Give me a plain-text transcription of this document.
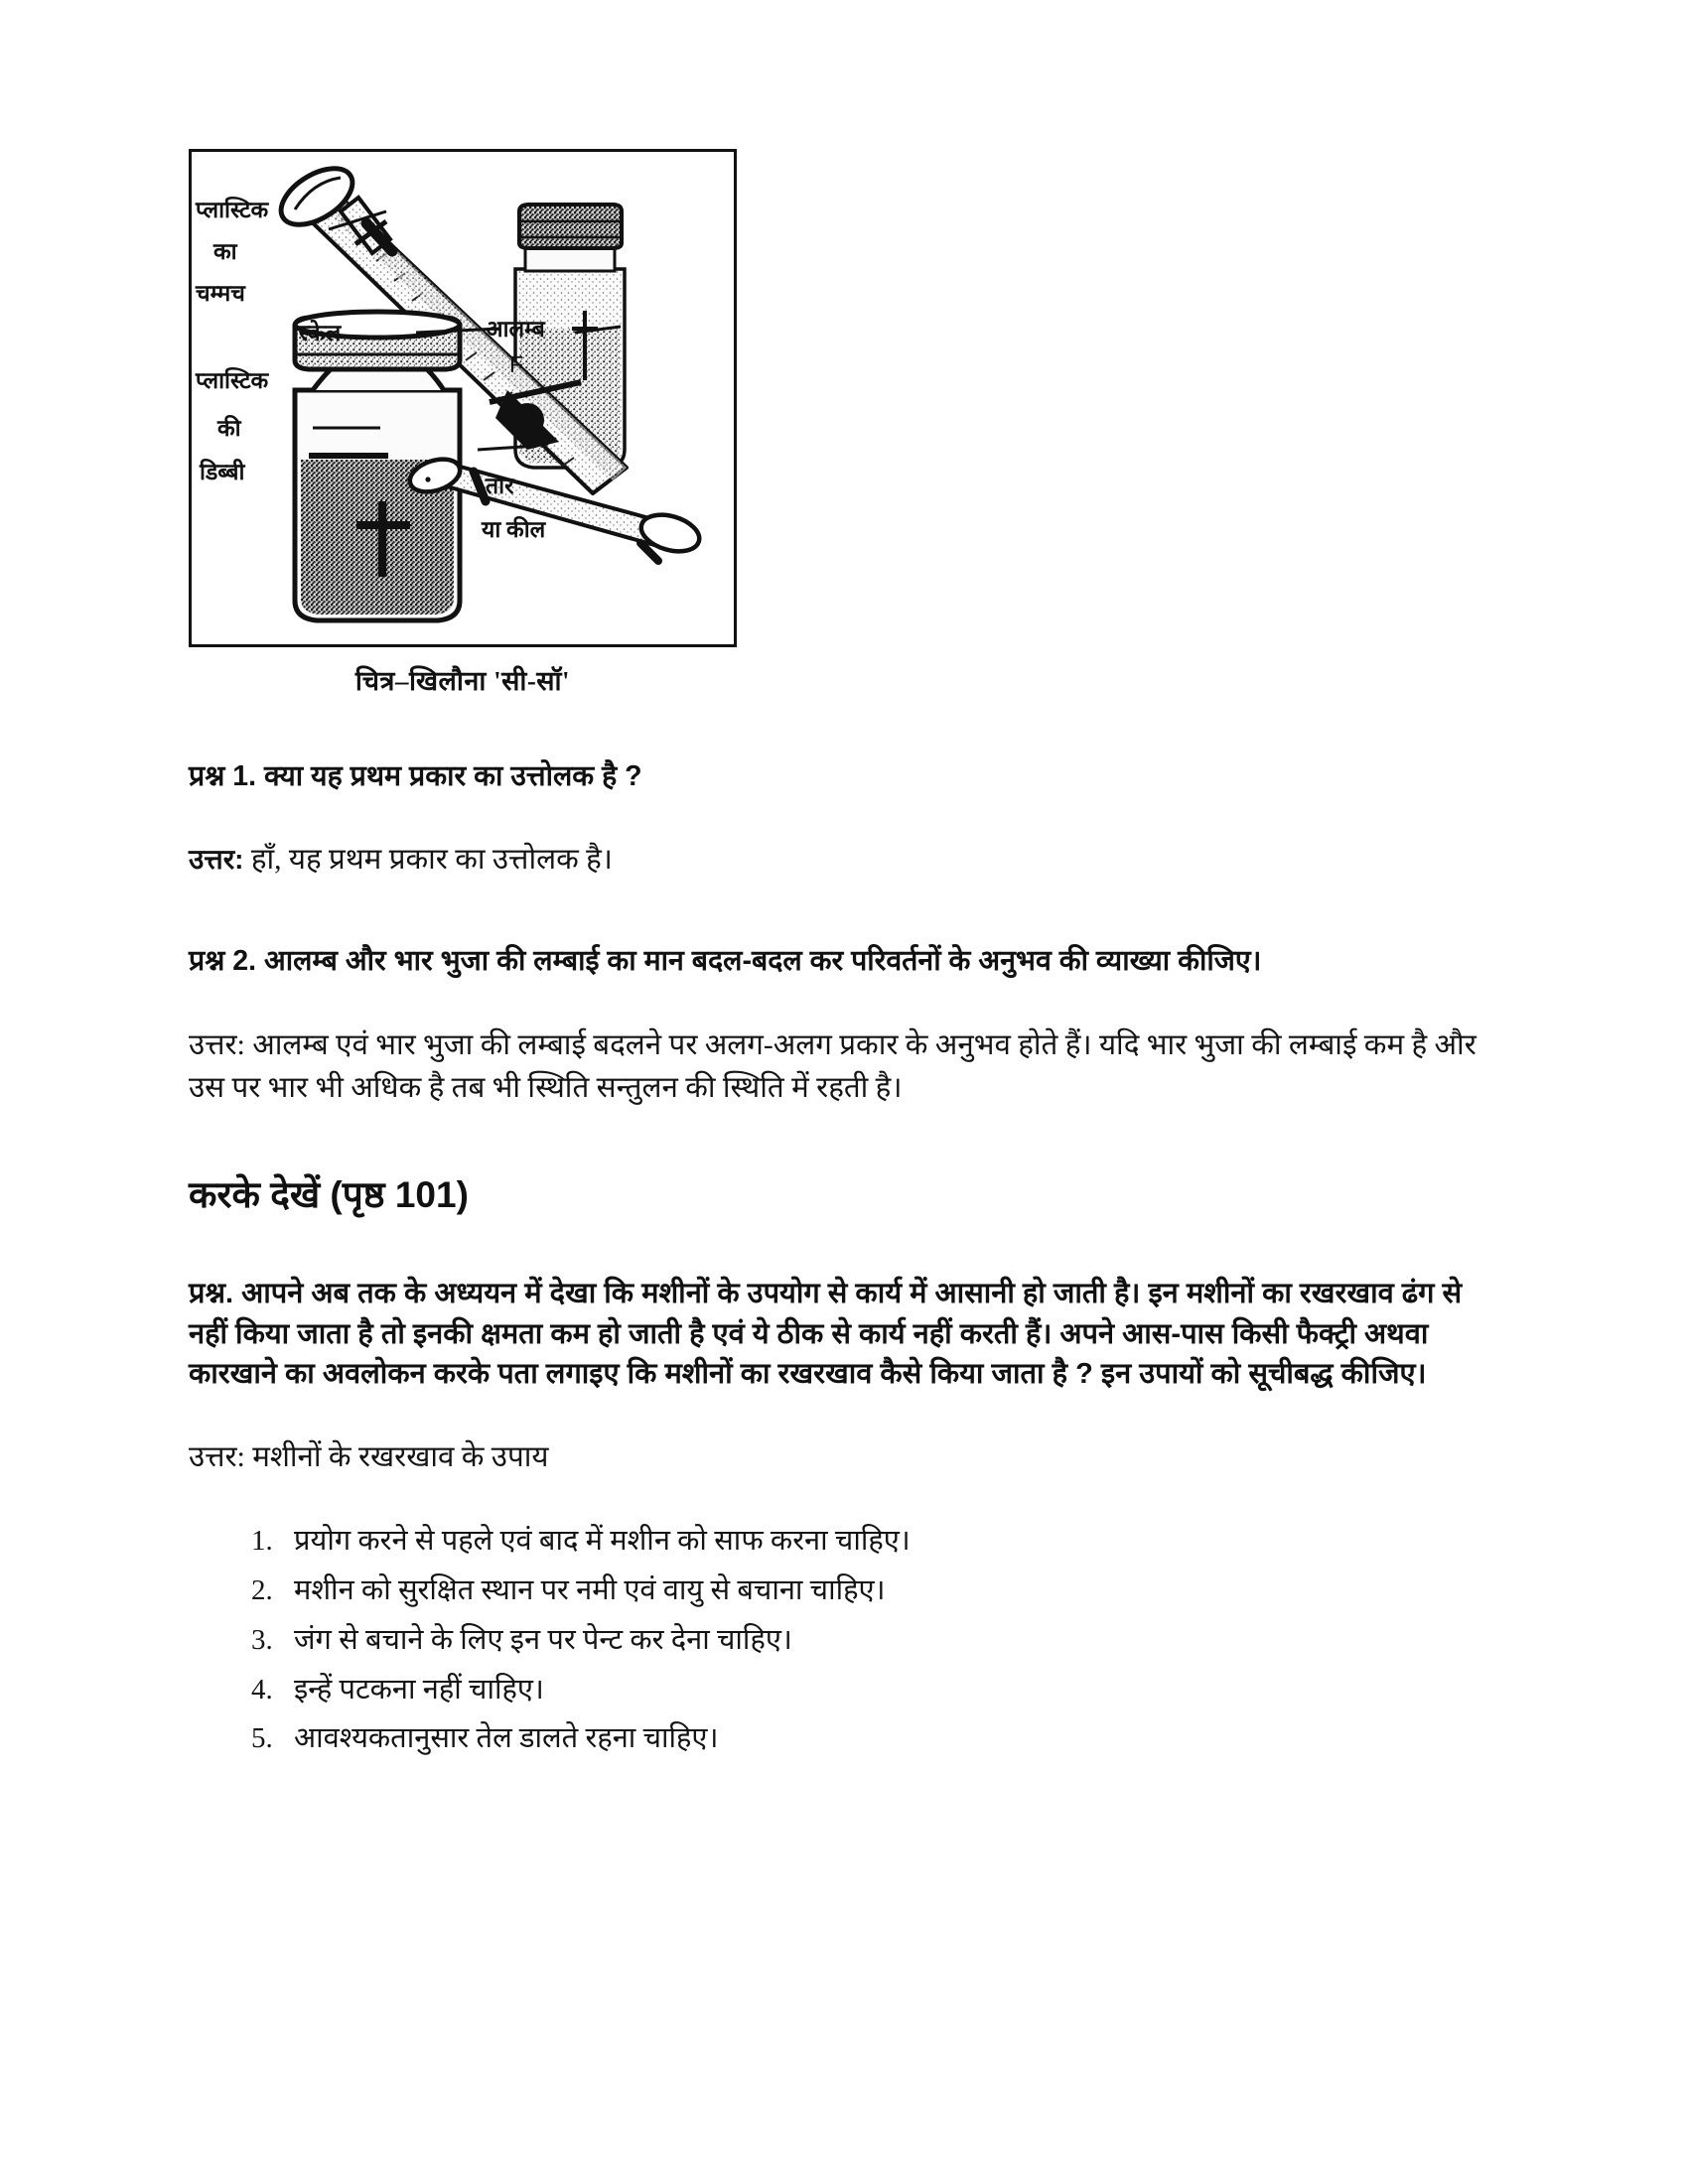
प्लास्टिक
का
चम्मच
स्केल
प्लास्टिक
की
डिब्बी
आलम्ब
F
तार
या कील
चित्र–खिलौना 'सी-सॉ'
प्रश्न 1. क्या यह प्रथम प्रकार का उत्तोलक है ?
उत्तर: हाँ, यह प्रथम प्रकार का उत्तोलक है।
प्रश्न 2. आलम्ब और भार भुजा की लम्बाई का मान बदल-बदल कर परिवर्तनों के अनुभव की व्याख्या कीजिए।
उत्तर: आलम्ब एवं भार भुजा की लम्बाई बदलने पर अलग-अलग प्रकार के अनुभव होते हैं। यदि भार भुजा की लम्बाई कम है और उस पर भार भी अधिक है तब भी स्थिति सन्तुलन की स्थिति में रहती है।
करके देखें (पृष्ठ 101)
प्रश्न. आपने अब तक के अध्ययन में देखा कि मशीनों के उपयोग से कार्य में आसानी हो जाती है। इन मशीनों का रखरखाव ढंग से नहीं किया जाता है तो इनकी क्षमता कम हो जाती है एवं ये ठीक से कार्य नहीं करती हैं। अपने आस-पास किसी फैक्ट्री अथवा कारखाने का अवलोकन करके पता लगाइए कि मशीनों का रखरखाव कैसे किया जाता है ? इन उपायों को सूचीबद्ध कीजिए।
उत्तर: मशीनों के रखरखाव के उपाय
1. प्रयोग करने से पहले एवं बाद में मशीन को साफ करना चाहिए।
2. मशीन को सुरक्षित स्थान पर नमी एवं वायु से बचाना चाहिए।
3. जंग से बचाने के लिए इन पर पेन्ट कर देना चाहिए।
4. इन्हें पटकना नहीं चाहिए।
5. आवश्यकतानुसार तेल डालते रहना चाहिए।
